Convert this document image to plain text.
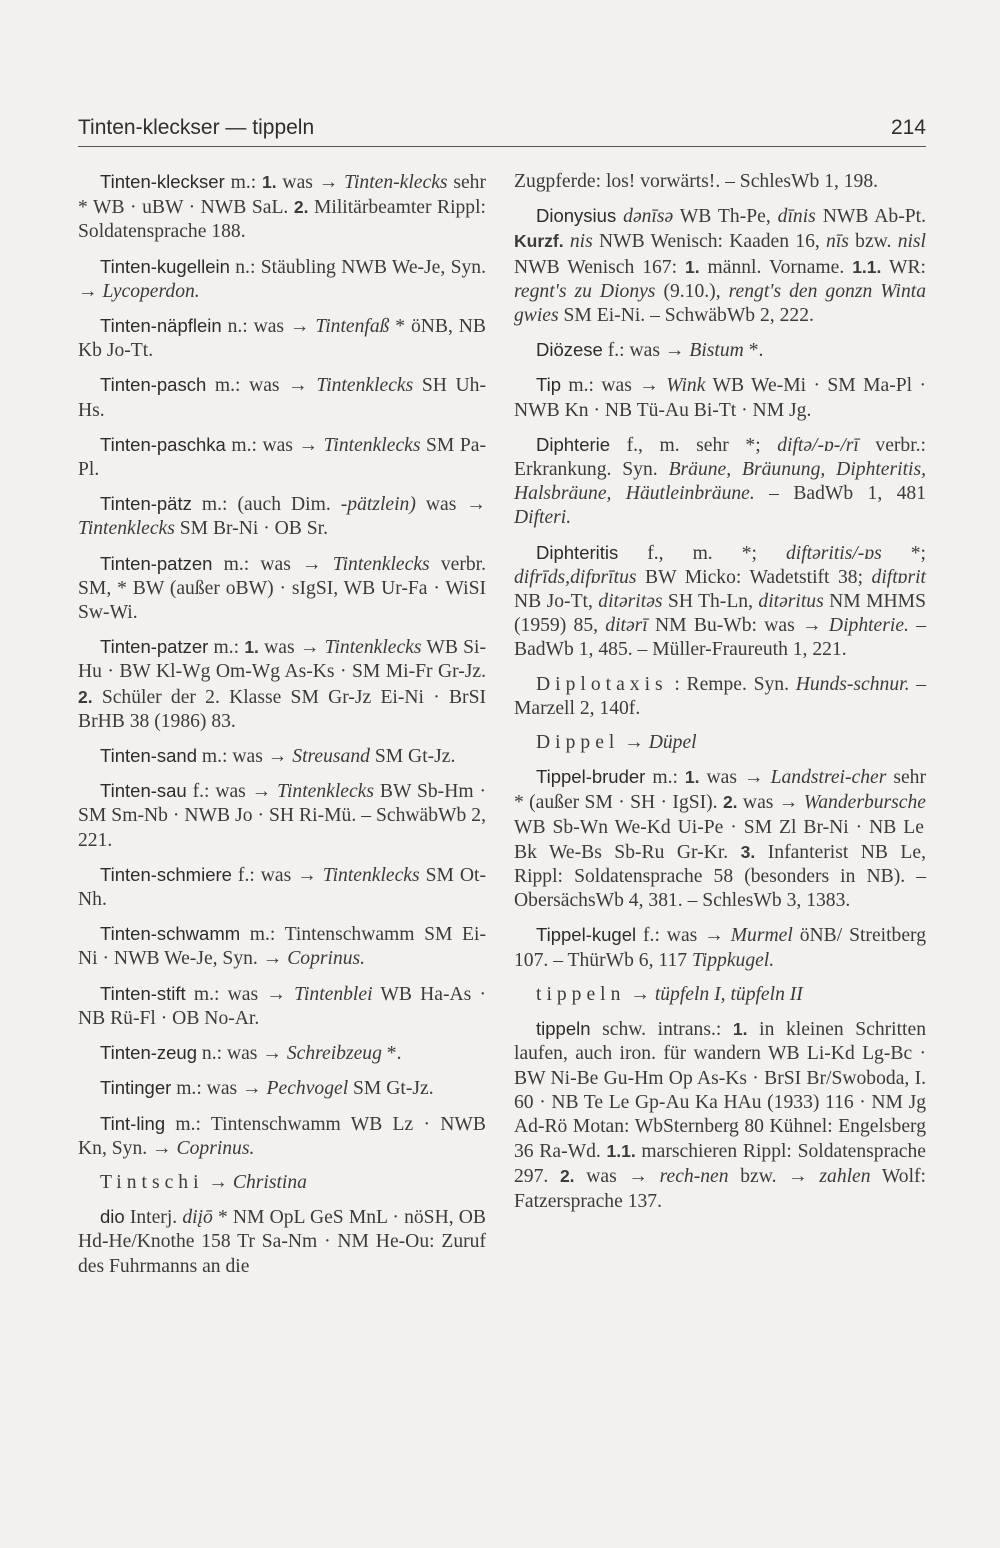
Tinten-kleckser — tippeln	214

Tinten-kleckser m.: 1. was → Tinten-klecks sehr * WB · uBW · NWB SaL. 2. Militärbeamter Rippl: Soldatensprache 188.

Tinten-kugellein n.: Stäubling NWB We-Je, Syn. → Lycoperdon.

Tinten-näpflein n.: was → Tintenfaß * öNB, NB Kb Jo-Tt.

Tinten-pasch m.: was → Tintenklecks SH Uh-Hs.

Tinten-paschka m.: was → Tintenklecks SM Pa-Pl.

Tinten-pätz m.: (auch Dim. -pätzlein) was → Tintenklecks SM Br-Ni · OB Sr.

Tinten-patzen m.: was → Tintenklecks verbr. SM, * BW (außer oBW) · sIgSI, WB Ur-Fa · WiSI Sw-Wi.

Tinten-patzer m.: 1. was → Tintenklecks WB Si-Hu · BW Kl-Wg Om-Wg As-Ks · SM Mi-Fr Gr-Jz. 2. Schüler der 2. Klasse SM Gr-Jz Ei-Ni · BrSI BrHB 38 (1986) 83.

Tinten-sand m.: was → Streusand SM Gt-Jz.

Tinten-sau f.: was → Tintenklecks BW Sb-Hm · SM Sm-Nb · NWB Jo · SH Ri-Mü. – SchwäbWb 2, 221.

Tinten-schmiere f.: was → Tintenklecks SM Ot-Nh.

Tinten-schwamm m.: Tintenschwamm SM Ei-Ni · NWB We-Je, Syn. → Coprinus.

Tinten-stift m.: was → Tintenblei WB Ha-As · NB Rü-Fl · OB No-Ar.

Tinten-zeug n.: was → Schreibzeug *.

Tintinger m.: was → Pechvogel SM Gt-Jz.

Tint-ling m.: Tintenschwamm WB Lz · NWB Kn, Syn. → Coprinus.

Tintschi → Christina

dio Interj. diįō * NM OpL GeS MnL · nöSH, OB Hd-He/Knothe 158 Tr Sa-Nm · NM He-Ou: Zuruf des Fuhrmanns an die

Zugpferde: los! vorwärts!. – SchlesWb 1, 198.

Dionysius dənīsə WB Th-Pe, dīnis NWB Ab-Pt. Kurzf. nis NWB Wenisch: Kaaden 16, nīs bzw. nisl NWB Wenisch 167: 1. männl. Vorname. 1.1. WR: regnt's zu Dionys (9.10.), rengt's den gonzn Winta gwies SM Ei-Ni. – SchwäbWb 2, 222.

Diözese f.: was → Bistum *.

Tip m.: was → Wink WB We-Mi · SM Ma-Pl · NWB Kn · NB Tü-Au Bi-Tt · NM Jg.

Diphterie f., m. sehr *; diftə/-ɒ-/rī verbr.: Erkrankung. Syn. Bräune, Bräunung, Diphteritis, Halsbräune, Häutleinbräune. – BadWb 1, 481 Difteri.

Diphteritis f., m. *; diftəritis/-ɒs *; difrīds,difɒrītus BW Micko: Wadetstift 38; diftɒrit NB Jo-Tt, ditəritəs SH Th-Ln, ditəritus NM MHMS (1959) 85, ditərī NM Bu-Wb: was → Diphterie. – BadWb 1, 485. – Müller-Fraureuth 1, 221.

Diplotaxis : Rempe. Syn. Hunds-schnur. – Marzell 2, 140f.

Dippel → Düpel

Tippel-bruder m.: 1. was → Landstrei-cher sehr * (außer SM · SH · IgSI). 2. was → Wanderbursche WB Sb-Wn We-Kd Ui-Pe · SM Zl Br-Ni · NB Le Bk We-Bs Sb-Ru Gr-Kr. 3. Infanterist NB Le, Rippl: Soldatensprache 58 (besonders in NB). – ObersächsWb 4, 381. – SchlesWb 3, 1383.

Tippel-kugel f.: was → Murmel öNB/ Streitberg 107. – ThürWb 6, 117 Tippkugel.

tippeln → tüpfeln I, tüpfeln II

tippeln schw. intrans.: 1. in kleinen Schritten laufen, auch iron. für wandern WB Li-Kd Lg-Bc · BW Ni-Be Gu-Hm Op As-Ks · BrSI Br/Swoboda, I. 60 · NB Te Le Gp-Au Ka HAu (1933) 116 · NM Jg Ad-Rö Motan: WbSternberg 80 Kühnel: Engelsberg 36 Ra-Wd. 1.1. marschieren Rippl: Soldatensprache 297. 2. was → rech-nen bzw. → zahlen Wolf: Fatzersprache 137.
